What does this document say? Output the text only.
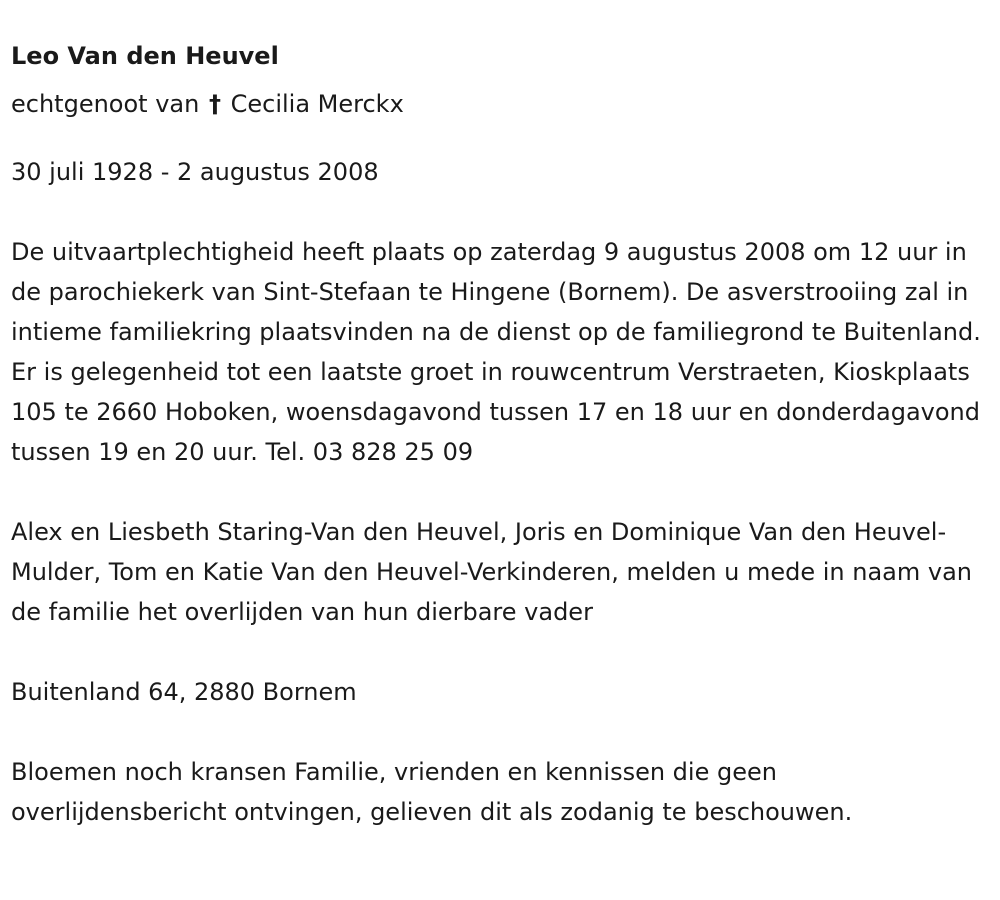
Leo Van den Heuvel

echtgenoot van † Cecilia Merckx

30 juli 1928 - 2 augustus 2008

De uitvaartplechtigheid heeft plaats op zaterdag 9 augustus 2008 om 12 uur in de parochiekerk van Sint-Stefaan te Hingene (Bornem). De asverstrooiing zal in intieme familiekring plaatsvinden na de dienst op de familiegrond te Buitenland. Er is gelegenheid tot een laatste groet in rouwcentrum Verstraeten, Kioskplaats 105 te 2660 Hoboken, woensdagavond tussen 17 en 18 uur en donderdagavond tussen 19 en 20 uur. Tel. 03 828 25 09

Alex en Liesbeth Staring-Van den Heuvel, Joris en Dominique Van den Heuvel-Mulder, Tom en Katie Van den Heuvel-Verkinderen, melden u mede in naam van de familie het overlijden van hun dierbare vader

Buitenland 64, 2880 Bornem

Bloemen noch kransen Familie, vrienden en kennissen die geen overlijdensbericht ontvingen, gelieven dit als zodanig te beschouwen.
